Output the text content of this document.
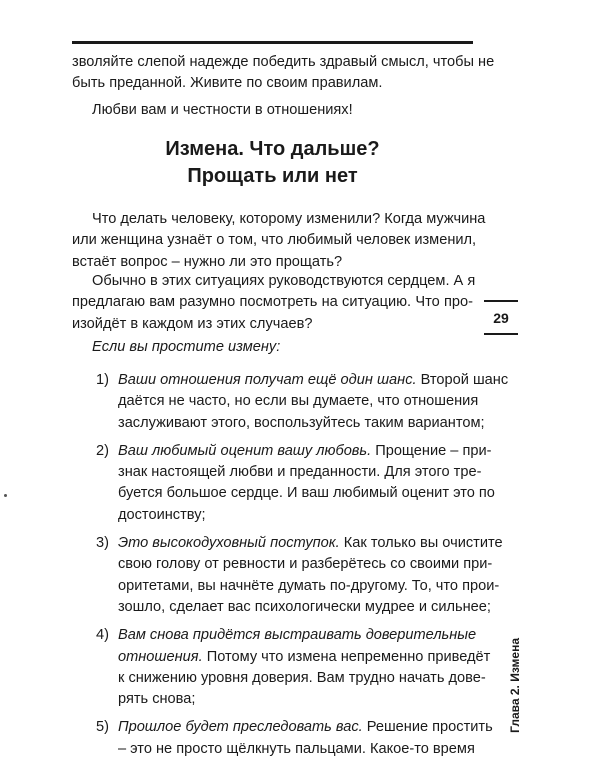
зволяйте слепой надежде победить здравый смысл, чтобы не
быть преданной. Живите по своим правилам.
Любви вам и честности в отношениях!
Измена. Что дальше?
Прощать или нет
Что делать человеку, которому изменили? Когда мужчина
или женщина узнаёт о том, что любимый человек изменил,
встаёт вопрос – нужно ли это прощать?
Обычно в этих ситуациях руководствуются сердцем. А я
предлагаю вам разумно посмотреть на ситуацию. Что про-
изойдёт в каждом из этих случаев?

Если вы простите измену:

1) Ваши отношения получат ещё один шанс. Второй шанс
даётся не часто, но если вы думаете, что отношения
заслуживают этого, воспользуйтесь таким вариантом;
2) Ваш любимый оценит вашу любовь. Прощение – при-
знак настоящей любви и преданности. Для этого тре-
буется большое сердце. И ваш любимый оценит это по
достоинству;
3) Это высокодуховный поступок. Как только вы очистите
свою голову от ревности и разберётесь со своими при-
оритетами, вы начнёте думать по-другому. То, что прои-
зошло, сделает вас психологически мудрее и сильнее;
4) Вам снова придётся выстраивать доверительные
отношения. Потому что измена непременно приведёт
к снижению уровня доверия. Вам трудно начать дове-
рять снова;
5) Прошлое будет преследовать вас. Решение простить
– это не просто щёлкнуть пальцами. Какое-то время
29
Глава 2. Измена
